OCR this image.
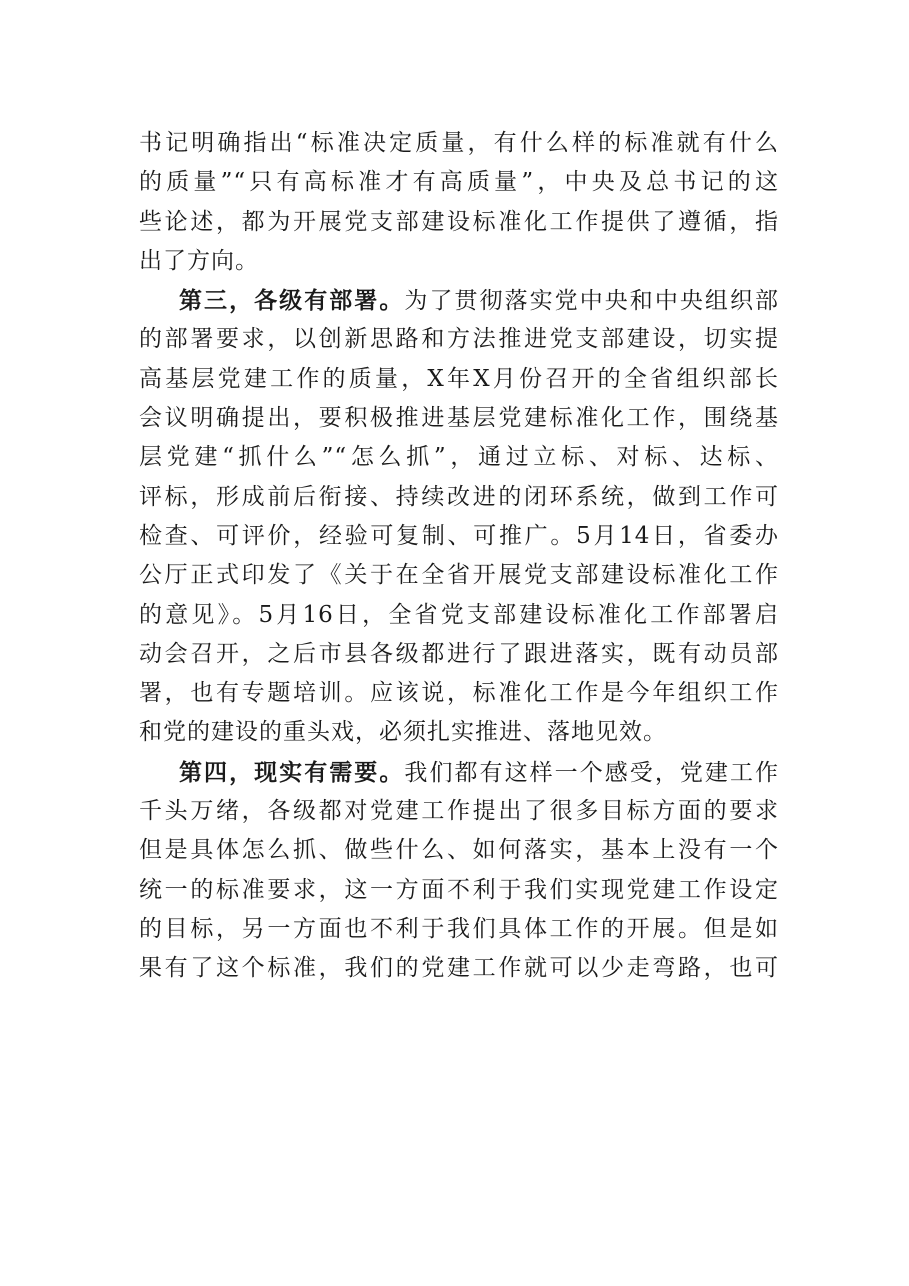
书记明确指出“标准决定质量，有什么样的标准就有什么
的质量”“只有高标准才有高质量”，中央及总书记的这
些论述，都为开展党支部建设标准化工作提供了遵循，指
出了方向。
第三，各级有部署。为了贯彻落实党中央和中央组织部
的部署要求，以创新思路和方法推进党支部建设，切实提
高基层党建工作的质量，X年X月份召开的全省组织部长
会议明确提出，要积极推进基层党建标准化工作，围绕基
层党建“抓什么”“怎么抓”，通过立标、对标、达标、
评标，形成前后衔接、持续改进的闭环系统，做到工作可
检查、可评价，经验可复制、可推广。5月14日，省委办
公厅正式印发了《关于在全省开展党支部建设标准化工作
的意见》。5月16日，全省党支部建设标准化工作部署启
动会召开，之后市县各级都进行了跟进落实，既有动员部
署，也有专题培训。应该说，标准化工作是今年组织工作
和党的建设的重头戏，必须扎实推进、落地见效。
第四，现实有需要。我们都有这样一个感受，党建工作
千头万绪，各级都对党建工作提出了很多目标方面的要求
但是具体怎么抓、做些什么、如何落实，基本上没有一个
统一的标准要求，这一方面不利于我们实现党建工作设定
的目标，另一方面也不利于我们具体工作的开展。但是如
果有了这个标准，我们的党建工作就可以少走弯路，也可
